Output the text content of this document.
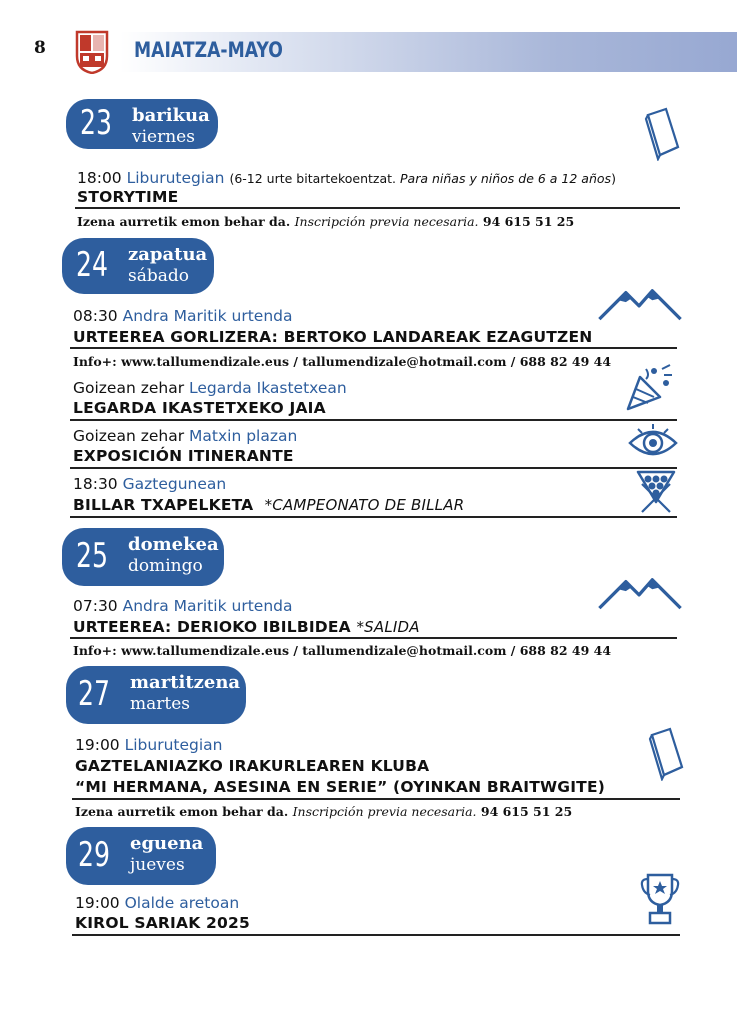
8	MAIATZA-MAYO
23 barikua
viernes
18:00 Liburutegian (6-12 urte bitartekoentzat. Para niñas y niños de 6 a 12 años)
STORYTIME
Izena aurretik emon behar da. Inscripción previa necesaria. 94 615 51 25
24 zapatua
sábado
08:30 Andra Maritik urtenda
URTEEREA GORLIZERA: BERTOKO LANDAREAK EZAGUTZEN
Info+: www.tallumendizale.eus / tallumendizale@hotmail.com / 688 82 49 44
Goizean zehar Legarda Ikastetxean
LEGARDA IKASTETXEKO JAIA
Goizean zehar Matxin plazan
EXPOSICIÓN ITINERANTE
18:30 Gaztegunean
BILLAR TXAPELKETA *CAMPEONATO DE BILLAR
25 domekea
domingo
07:30 Andra Maritik urtenda
URTEEREA: DERIOKO IBILBIDEA *SALIDA
Info+: www.tallumendizale.eus / tallumendizale@hotmail.com / 688 82 49 44
27 martitzena
martes
19:00 Liburutegian
GAZTELANIAZKO IRAKURLEAREN KLUBA
“MI HERMANA, ASESINA EN SERIE” (OYINKAN BRAITWGITE)
Izena aurretik emon behar da. Inscripción previa necesaria. 94 615 51 25
29 eguena
jueves
19:00 Olalde aretoan
KIROL SARIAK 2025
